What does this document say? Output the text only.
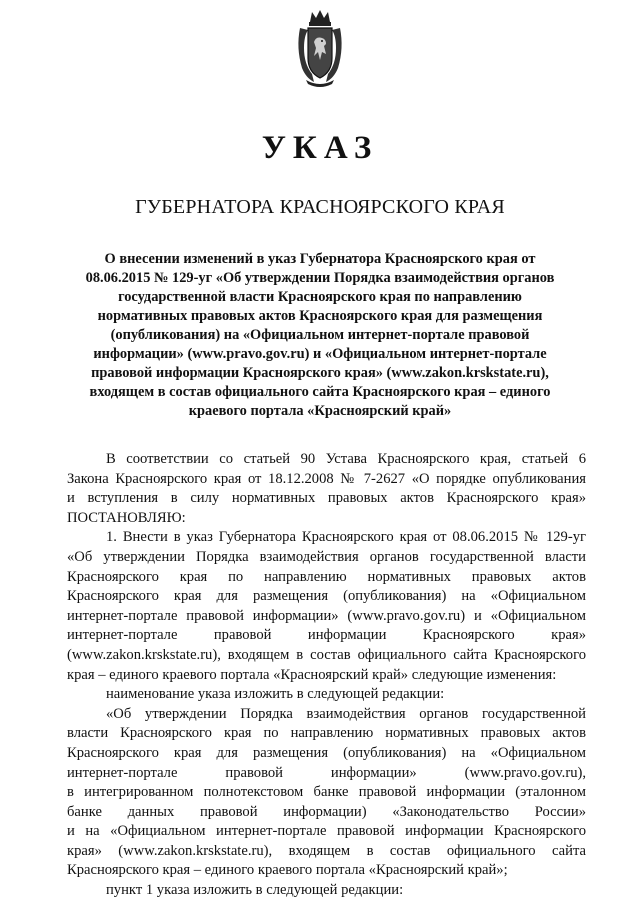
УКАЗ
ГУБЕРНАТОРА КРАСНОЯРСКОГО КРАЯ
О внесении изменений в указ Губернатора Красноярского края от
08.06.2015 № 129-уг «Об утверждении Порядка взаимодействия органов
государственной власти Красноярского края по направлению
нормативных правовых актов Красноярского края для размещения
(опубликования) на «Официальном интернет-портале правовой
информации» (www.pravo.gov.ru) и «Официальном интернет-портале
правовой информации Красноярского края» (www.zakon.krskstate.ru),
входящем в состав официального сайта Красноярского края – единого
краевого портала «Красноярский край»
В соответствии со статьей 90 Устава Красноярского края, статьей 6
Закона Красноярского края от 18.12.2008 № 7-2627 «О порядке опубликования
и вступления в силу нормативных правовых актов Красноярского края»
ПОСТАНОВЛЯЮ:
1. Внести в указ Губернатора Красноярского края от 08.06.2015 № 129-уг
«Об утверждении Порядка взаимодействия органов государственной власти
Красноярского края по направлению нормативных правовых актов
Красноярского края для размещения (опубликования) на «Официальном
интернет-портале правовой информации» (www.pravo.gov.ru) и «Официальном
интернет-портале правовой информации Красноярского края»
(www.zakon.krskstate.ru), входящем в состав официального сайта Красноярского
края – единого краевого портала «Красноярский край» следующие изменения:
наименование указа изложить в следующей редакции:
«Об утверждении Порядка взаимодействия органов государственной
власти Красноярского края по направлению нормативных правовых актов
Красноярского края для размещения (опубликования) на «Официальном
интернет-портале правовой информации» (www.pravo.gov.ru),
в интегрированном полнотекстовом банке правовой информации (эталонном
банке данных правовой информации) «Законодательство России»
и на «Официальном интернет-портале правовой информации Красноярского
края» (www.zakon.krskstate.ru), входящем в состав официального сайта
Красноярского края – единого краевого портала «Красноярский край»;
пункт 1 указа изложить в следующей редакции:
